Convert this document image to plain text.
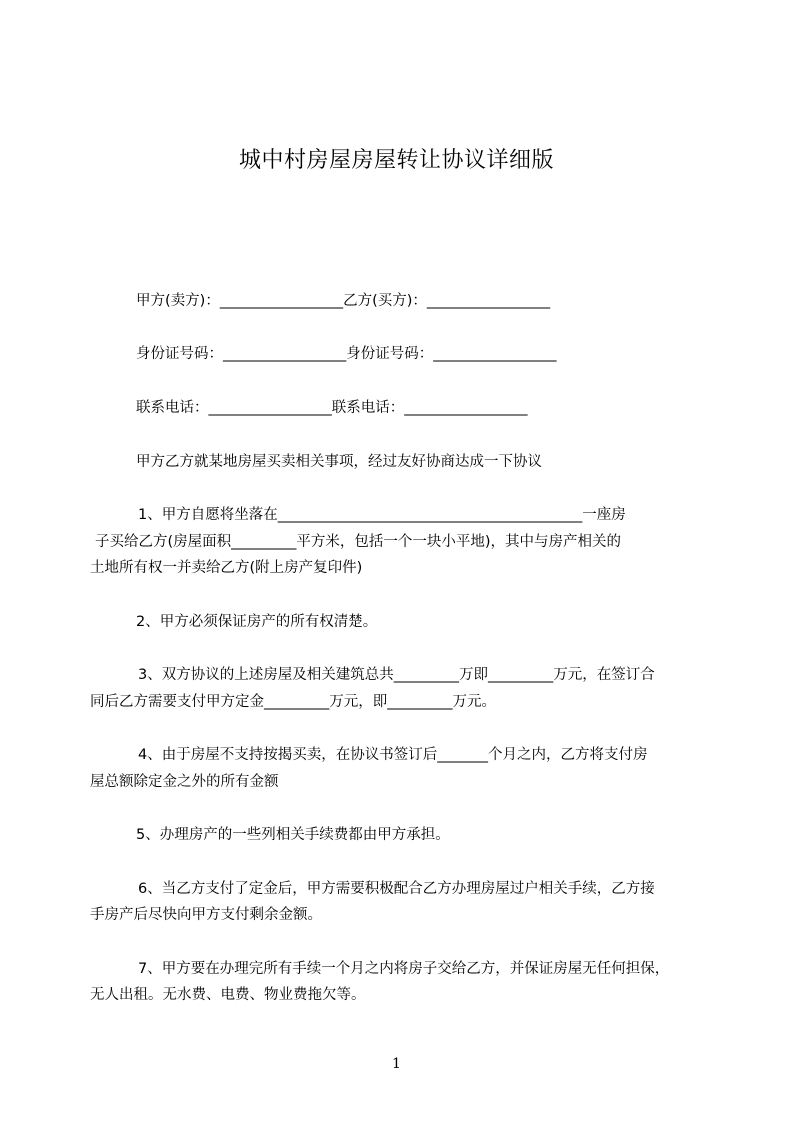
城中村房屋房屋转让协议详细版
甲方(卖方)：_________________乙方(买方)：_________________
身份证号码：_________________身份证号码：_________________
联系电话：_________________联系电话：_________________
甲方乙方就某地房屋买卖相关事项，经过友好协商达成一下协议
1、甲方自愿将坐落在__________________________________________一座房
子买给乙方(房屋面积_________平方米，包括一个一块小平地)，其中与房产相关的
土地所有权一并卖给乙方(附上房产复印件)
2、甲方必须保证房产的所有权清楚。
3、双方协议的上述房屋及相关建筑总共_________万即_________万元，在签订合
同后乙方需要支付甲方定金_________万元，即_________万元。
4、由于房屋不支持按揭买卖，在协议书签订后_______个月之内，乙方将支付房
屋总额除定金之外的所有金额
5、办理房产的一些列相关手续费都由甲方承担。
6、当乙方支付了定金后，甲方需要积极配合乙方办理房屋过户相关手续，乙方接
手房产后尽快向甲方支付剩余金额。
7、甲方要在办理完所有手续一个月之内将房子交给乙方，并保证房屋无任何担保，
无人出租。无水费、电费、物业费拖欠等。
1
